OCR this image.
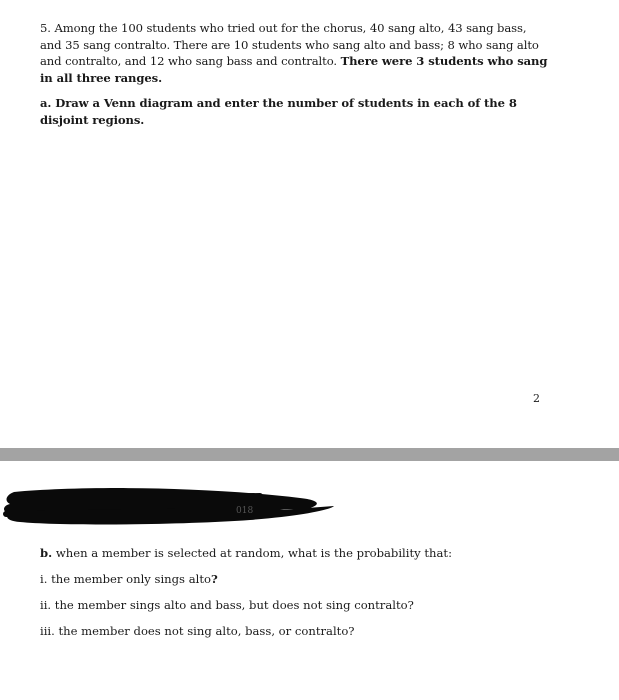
5. Among the 100 students who tried out for the chorus, 40 sang alto, 43 sang bass, and 35 sang contralto. There are 10 students who sang alto and bass; 8 who sang alto and contralto, and 12 who sang bass and contralto. There were 3 students who sang in all three ranges.

a. Draw a Venn diagram and enter the number of students in each of the 8 disjoint regions.

2
018

b. when a member is selected at random, what is the probability that:

i. the member only sings alto?

ii. the member sings alto and bass, but does not sing contralto?

iii. the member does not sing alto, bass, or contralto?
